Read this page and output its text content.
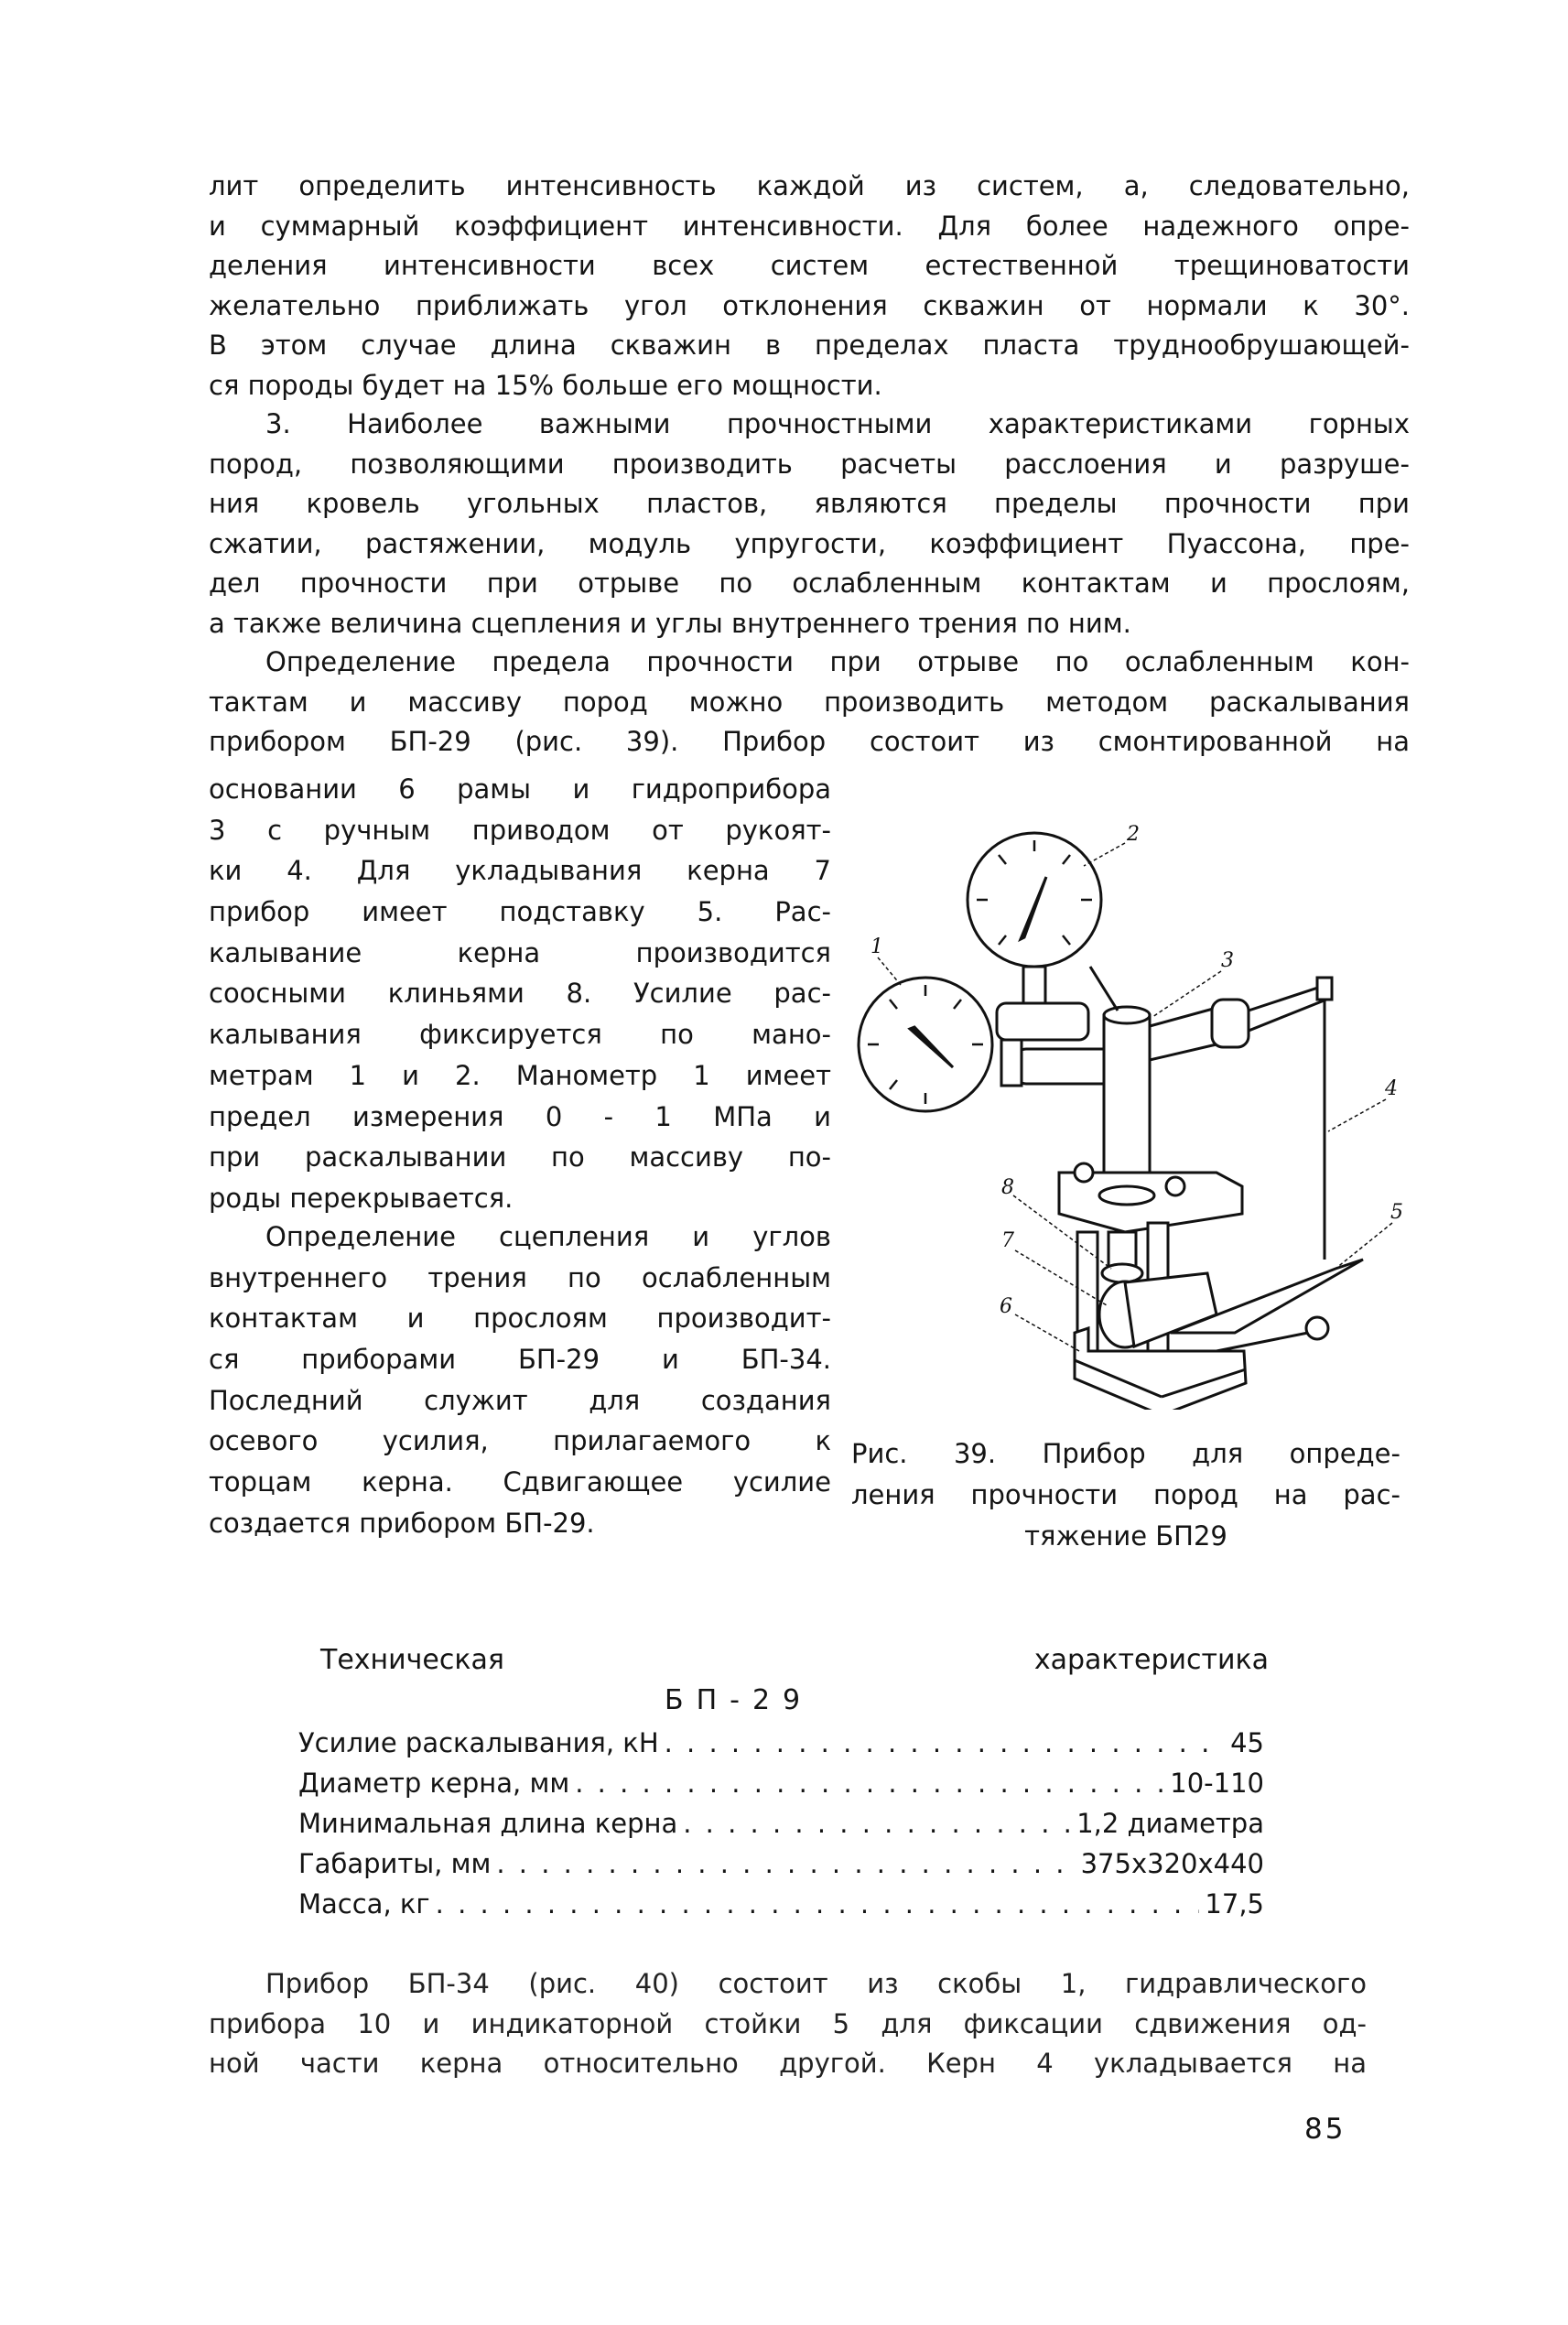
лит определить интенсивность каждой из систем, а, следовательно,
и суммарный коэффициент интенсивности. Для более надежного опре-
деления интенсивности всех систем естественной трещиноватости
желательно приближать угол отклонения скважин от нормали к 30°.
В этом случае длина скважин в пределах пласта труднообрушающей-
ся породы будет на 15% больше его мощности.
3. Наиболее важными прочностными характеристиками горных
пород, позволяющими производить расчеты расслоения и разруше-
ния кровель угольных пластов, являются пределы прочности при
сжатии, растяжении, модуль упругости, коэффициент Пуассона, пре-
дел прочности при отрыве по ослабленным контактам и прослоям,
а также величина сцепления и углы внутреннего трения по ним.
Определение предела прочности при отрыве по ослабленным кон-
тактам и массиву пород можно производить методом раскалывания
прибором БП-29 (рис. 39). Прибор состоит из смонтированной на
основании 6 рамы и гидроприбора
3 с ручным приводом от рукоят-
ки 4. Для укладывания керна 7
прибор имеет подставку 5. Рас-
калывание керна производится
соосными клиньями 8. Усилие рас-
калывания фиксируется по мано-
метрам 1 и 2. Манометр 1 имеет
предел измерения 0 - 1 МПа и
при раскалывании по массиву по-
роды перекрывается.
Определение сцепления и углов
внутреннего трения по ослабленным
контактам и прослоям производит-
ся приборами БП-29 и БП-34.
Последний служит для создания
осевого усилия, прилагаемого к
торцам керна. Сдвигающее усилие
создается прибором БП-29.
1
2
3
4
5
6
7
8
Рис. 39. Прибор для опреде-
ления прочности пород на рас-
тяжение БП29
Техническая характеристика
БП-29
Усилие раскалывания, кН . . .	45
Диаметр керна, мм . . .	10-110
Минимальная длина керна . . .	1,2 диаметра
Габариты, мм . . .	375x320x440
Масса, кг . . .	17,5
Прибор БП-34 (рис. 40) состоит из скобы 1, гидравлического
прибора 10 и индикаторной стойки 5 для фиксации сдвижения од-
ной части керна относительно другой. Керн 4 укладывается на
85
